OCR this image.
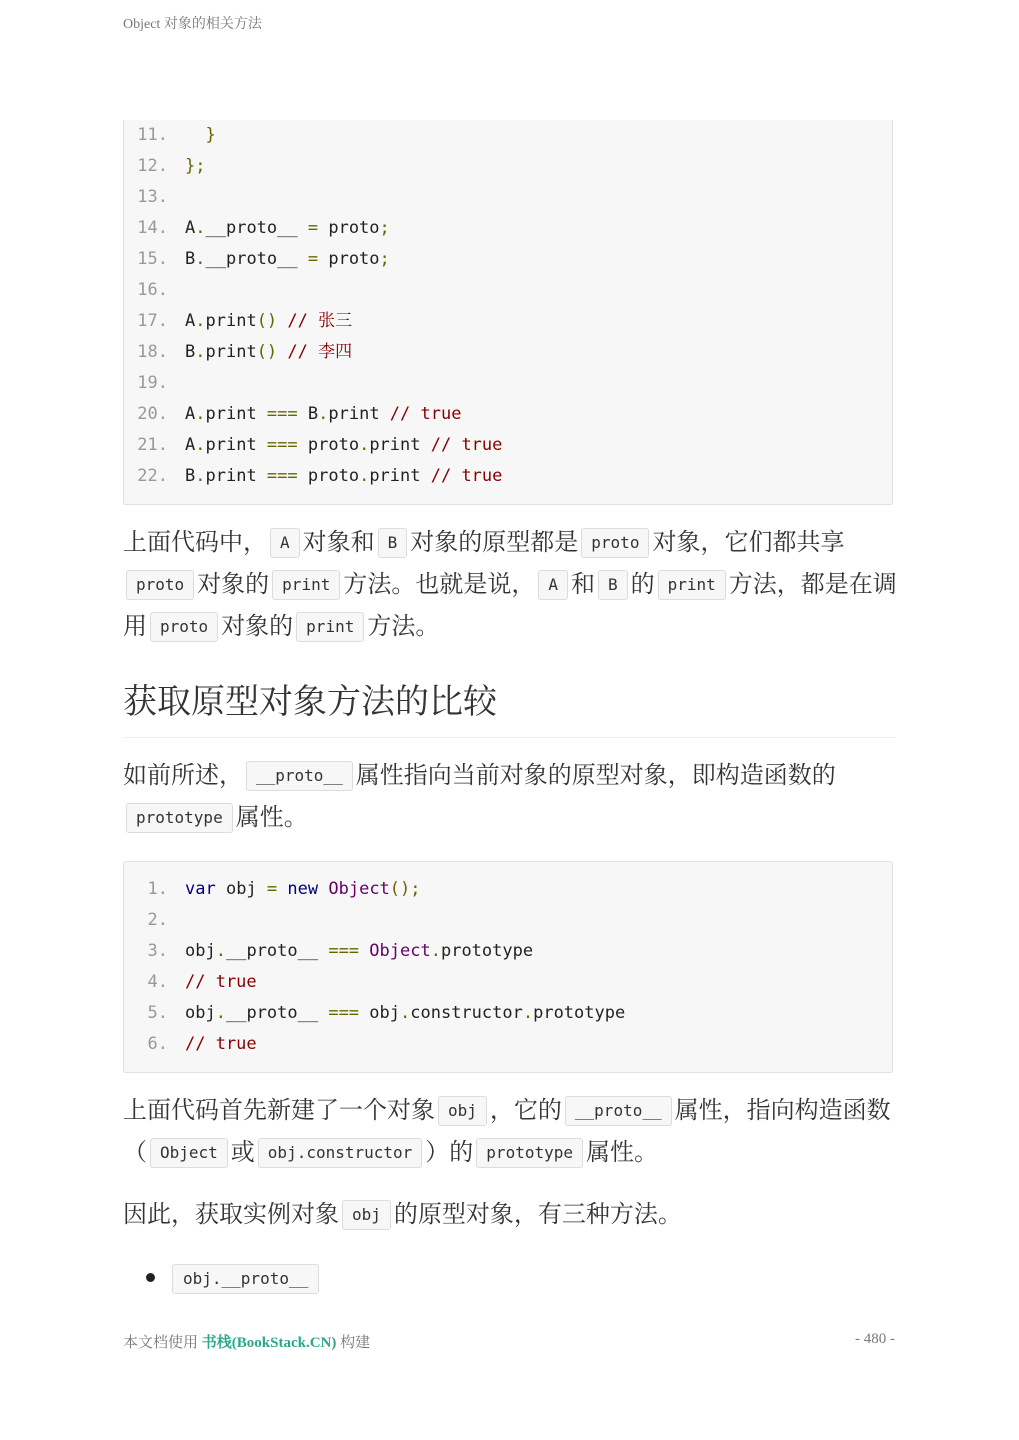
Object 对象的相关方法
11. }
12. };
13.
14. A.__proto__ = proto;
15. B.__proto__ = proto;
16.
17. A.print() // 张三
18. B.print() // 李四
19.
20. A.print === B.print // true
21. A.print === proto.print // true
22. B.print === proto.print // true
上面代码中， A 对象和 B 对象的原型都是 proto 对象，它们都共享proto 对象的 print 方法。也就是说， A 和 B 的 print 方法，都是在调用 proto 对象的 print 方法。
获取原型对象方法的比较
如前所述， __proto__ 属性指向当前对象的原型对象，即构造函数的prototype 属性。
1. var obj = new Object();
2.
3. obj.__proto__ === Object.prototype
4. // true
5. obj.__proto__ === obj.constructor.prototype
6. // true
上面代码首先新建了一个对象 obj ，它的 __proto__ 属性，指向构造函数（ Object 或 obj.constructor ）的 prototype 属性。
因此，获取实例对象 obj 的原型对象，有三种方法。
obj.__proto__
本文档使用 书栈(BookStack.CN) 构建	- 480 -
